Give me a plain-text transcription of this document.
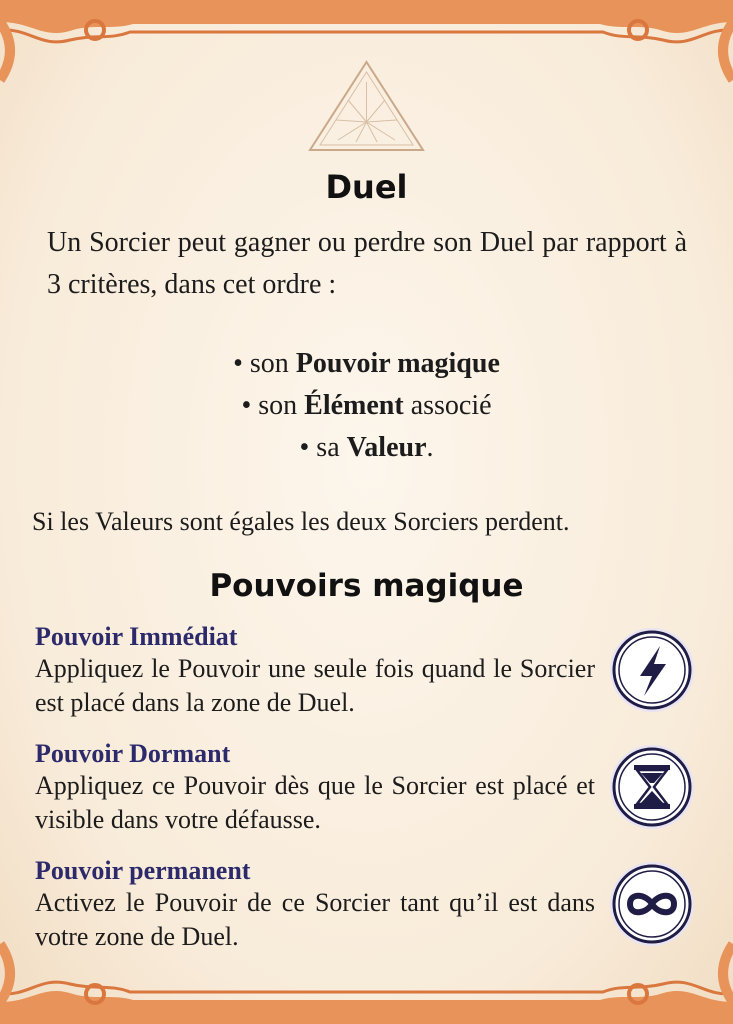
Duel
Un Sorcier peut gagner ou perdre son Duel par rapport à 3 critères, dans cet ordre :
• son Pouvoir magique
• son Élément associé
• sa Valeur.
Si les Valeurs sont égales les deux Sorciers perdent.
Pouvoirs magique
Pouvoir Immédiat
Appliquez le Pouvoir une seule fois quand le Sorcier est placé dans la zone de Duel.
Pouvoir Dormant
Appliquez ce Pouvoir dès que le Sorcier est placé et visible dans votre défausse.
Pouvoir permanent
Activez le Pouvoir de ce Sorcier tant qu’il est dans votre zone de Duel.
